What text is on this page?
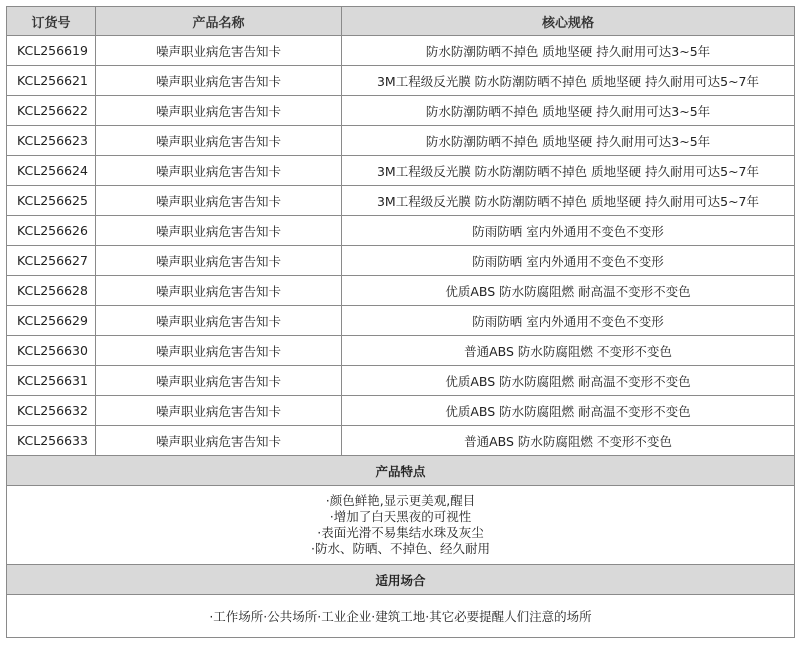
订货号	产品名称	核心规格
KCL256619	噪声职业病危害告知卡	防水防潮防晒不掉色 质地坚硬 持久耐用可达3~5年
KCL256621	噪声职业病危害告知卡	3M工程级反光膜 防水防潮防晒不掉色 质地坚硬 持久耐用可达5~7年
KCL256622	噪声职业病危害告知卡	防水防潮防晒不掉色 质地坚硬 持久耐用可达3~5年
KCL256623	噪声职业病危害告知卡	防水防潮防晒不掉色 质地坚硬 持久耐用可达3~5年
KCL256624	噪声职业病危害告知卡	3M工程级反光膜 防水防潮防晒不掉色 质地坚硬 持久耐用可达5~7年
KCL256625	噪声职业病危害告知卡	3M工程级反光膜 防水防潮防晒不掉色 质地坚硬 持久耐用可达5~7年
KCL256626	噪声职业病危害告知卡	防雨防晒 室内外通用不变色不变形
KCL256627	噪声职业病危害告知卡	防雨防晒 室内外通用不变色不变形
KCL256628	噪声职业病危害告知卡	优质ABS 防水防腐阻燃 耐高温不变形不变色
KCL256629	噪声职业病危害告知卡	防雨防晒 室内外通用不变色不变形
KCL256630	噪声职业病危害告知卡	普通ABS 防水防腐阻燃 不变形不变色
KCL256631	噪声职业病危害告知卡	优质ABS 防水防腐阻燃 耐高温不变形不变色
KCL256632	噪声职业病危害告知卡	优质ABS 防水防腐阻燃 耐高温不变形不变色
KCL256633	噪声职业病危害告知卡	普通ABS 防水防腐阻燃 不变形不变色
产品特点		

·颜色鲜艳,显示更美观,醒目
·增加了白天黑夜的可视性
·表面光滑不易集结水珠及灰尘
·防水、防晒、不掉色、经久耐用		

适用场合		
·工作场所·公共场所·工业企业·建筑工地·其它必要提醒人们注意的场所		
